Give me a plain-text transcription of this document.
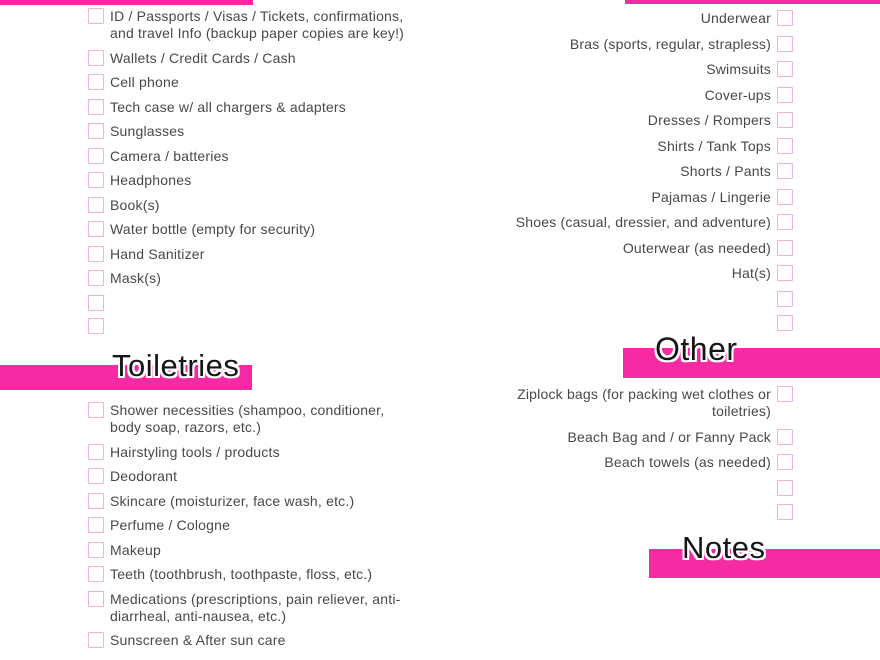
ID / Passports / Visas / Tickets, confirmations, and travel Info (backup paper copies are key!)
Wallets / Credit Cards / Cash
Cell phone
Tech case w/ all chargers & adapters
Sunglasses
Camera / batteries
Headphones
Book(s)
Water bottle (empty for security)
Hand Sanitizer
Mask(s)
Toiletries
Shower necessities (shampoo, conditioner, body soap, razors, etc.)
Hairstyling tools / products
Deodorant
Skincare (moisturizer, face wash, etc.)
Perfume / Cologne
Makeup
Teeth (toothbrush, toothpaste, floss, etc.)
Medications (prescriptions, pain reliever, anti-diarrheal, anti-nausea, etc.)
Sunscreen & After sun care
Underwear
Bras (sports, regular, strapless)
Swimsuits
Cover-ups
Dresses / Rompers
Shirts / Tank Tops
Shorts / Pants
Pajamas / Lingerie
Shoes (casual, dressier, and adventure)
Outerwear (as needed)
Hat(s)
Other
Ziplock bags (for packing wet clothes or toiletries)
Beach Bag and / or Fanny Pack
Beach towels (as needed)
Notes
